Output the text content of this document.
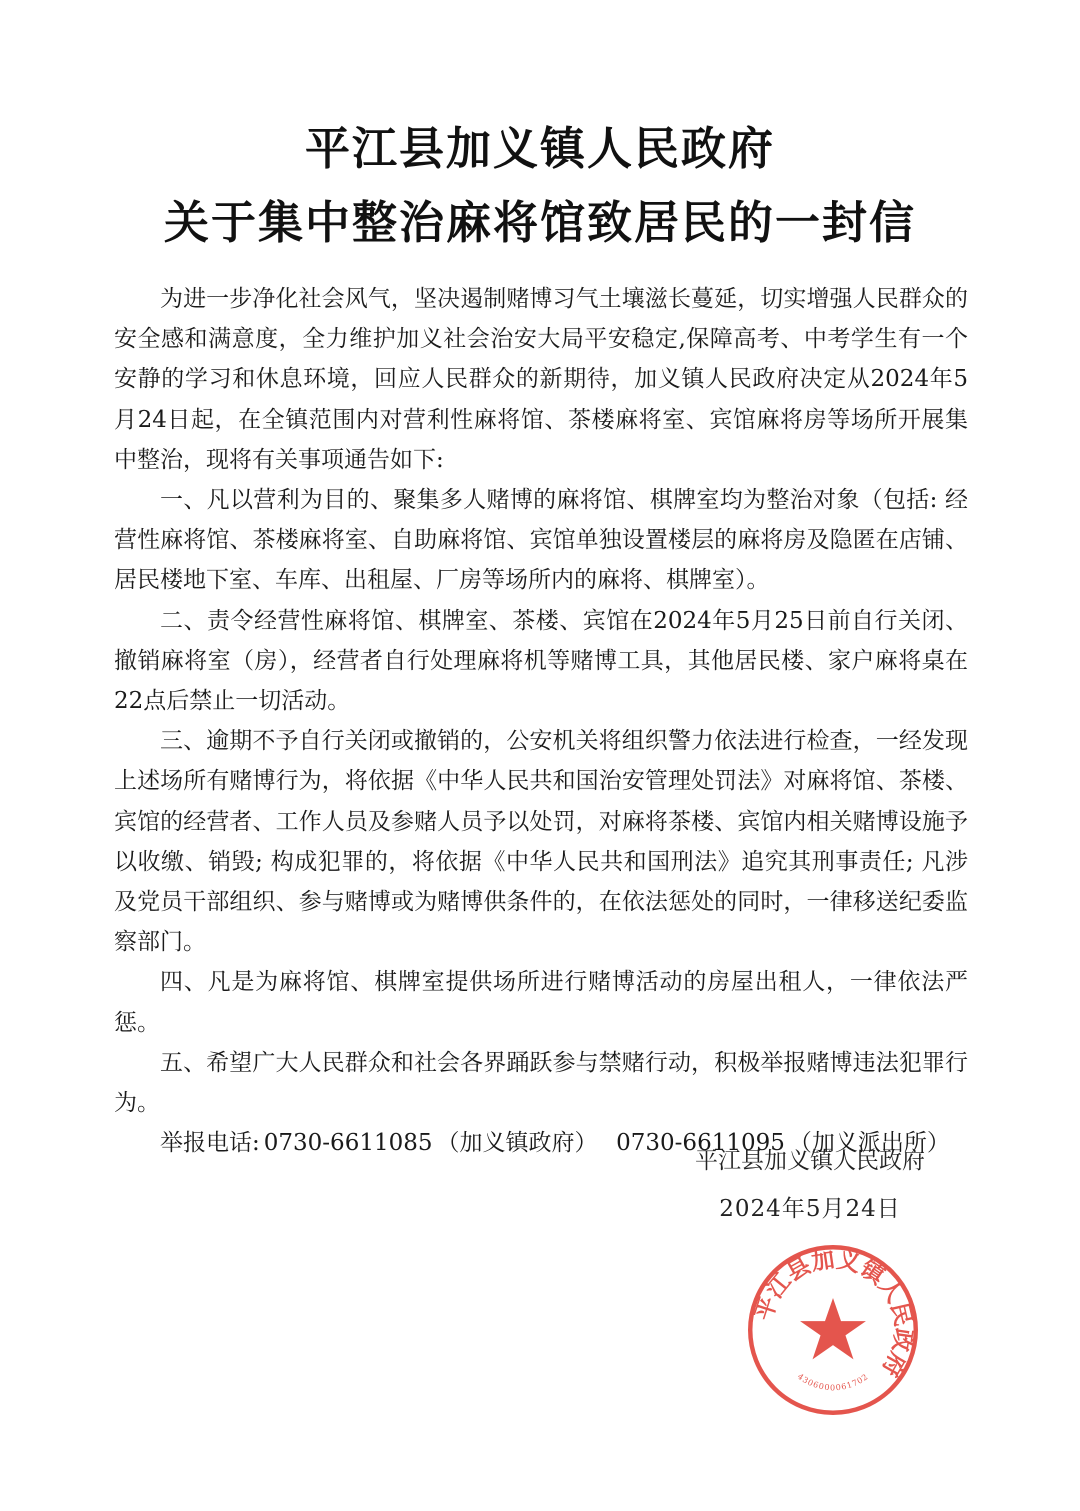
平江县加义镇人民政府
关于集中整治麻将馆致居民的一封信

为进一步净化社会风气，坚决遏制赌博习气土壤滋长蔓延，切实增强人民群众的安全感和满意度，全力维护加义社会治安大局平安稳定,保障高考、中考学生有一个安静的学习和休息环境，回应人民群众的新期待，加义镇人民政府决定从2024年5月24日起，在全镇范围内对营利性麻将馆、茶楼麻将室、宾馆麻将房等场所开展集中整治，现将有关事项通告如下:

一、凡以营利为目的、聚集多人赌博的麻将馆、棋牌室均为整治对象（包括: 经营性麻将馆、茶楼麻将室、自助麻将馆、宾馆单独设置楼层的麻将房及隐匿在店铺、居民楼地下室、车库、出租屋、厂房等场所内的麻将、棋牌室）。

二、责令经营性麻将馆、棋牌室、茶楼、宾馆在2024年5月25日前自行关闭、撤销麻将室（房），经营者自行处理麻将机等赌博工具，其他居民楼、家户麻将桌在22点后禁止一切活动。

三、逾期不予自行关闭或撤销的，公安机关将组织警力依法进行检查，一经发现上述场所有赌博行为，将依据《中华人民共和国治安管理处罚法》对麻将馆、茶楼、宾馆的经营者、工作人员及参赌人员予以处罚，对麻将茶楼、宾馆内相关赌博设施予以收缴、销毁; 构成犯罪的，将依据《中华人民共和国刑法》追究其刑事责任; 凡涉及党员干部组织、参与赌博或为赌博供条件的，在依法惩处的同时，一律移送纪委监察部门。

四、凡是为麻将馆、棋牌室提供场所进行赌博活动的房屋出租人，一律依法严惩。

五、希望广大人民群众和社会各界踊跃参与禁赌行动，积极举报赌博违法犯罪行为。

举报电话: 0730-6611085 （加义镇政府） 0730-6611095 （加义派出所）

平江县加义镇人民政府
2024年5月24日
平江县加义镇人民政府
4306000061702
